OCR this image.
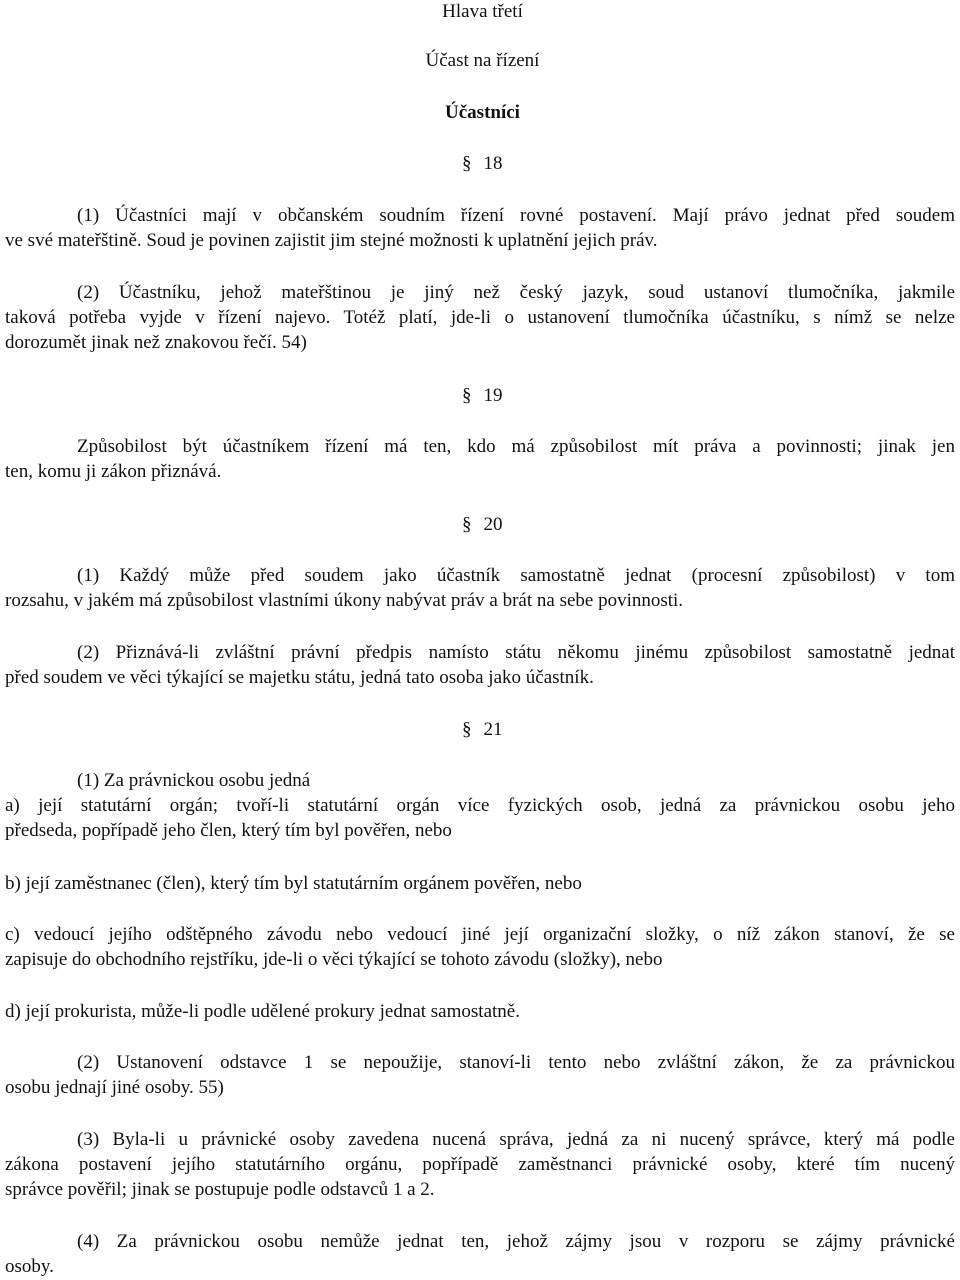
Hlava třetí
Účast na řízení
Účastníci
§ 18
(1) Účastníci mají v občanském soudním řízení rovné postavení. Mají právo jednat před soudem
ve své mateřštině. Soud je povinen zajistit jim stejné možnosti k uplatnění jejich práv.
(2) Účastníku, jehož mateřštinou je jiný než český jazyk, soud ustanoví tlumočníka, jakmile
taková potřeba vyjde v řízení najevo. Totéž platí, jde-li o ustanovení tlumočníka účastníku, s nímž se nelze
dorozumět jinak než znakovou řečí. 54)
§ 19
Způsobilost být účastníkem řízení má ten, kdo má způsobilost mít práva a povinnosti; jinak jen
ten, komu ji zákon přiznává.
§ 20
(1) Každý může před soudem jako účastník samostatně jednat (procesní způsobilost) v tom
rozsahu, v jakém má způsobilost vlastními úkony nabývat práv a brát na sebe povinnosti.
(2) Přiznává-li zvláštní právní předpis namísto státu někomu jinému způsobilost samostatně jednat
před soudem ve věci týkající se majetku státu, jedná tato osoba jako účastník.
§ 21
(1) Za právnickou osobu jedná
a) její statutární orgán; tvoří-li statutární orgán více fyzických osob, jedná za právnickou osobu jeho
předseda, popřípadě jeho člen, který tím byl pověřen, nebo
b) její zaměstnanec (člen), který tím byl statutárním orgánem pověřen, nebo
c) vedoucí jejího odštěpného závodu nebo vedoucí jiné její organizační složky, o níž zákon stanoví, že se
zapisuje do obchodního rejstříku, jde-li o věci týkající se tohoto závodu (složky), nebo
d) její prokurista, může-li podle udělené prokury jednat samostatně.
(2) Ustanovení odstavce 1 se nepoužije, stanoví-li tento nebo zvláštní zákon, že za právnickou
osobu jednají jiné osoby. 55)
(3) Byla-li u právnické osoby zavedena nucená správa, jedná za ni nucený správce, který má podle
zákona postavení jejího statutárního orgánu, popřípadě zaměstnanci právnické osoby, které tím nucený
správce pověřil; jinak se postupuje podle odstavců 1 a 2.
(4) Za právnickou osobu nemůže jednat ten, jehož zájmy jsou v rozporu se zájmy právnické
osoby.
